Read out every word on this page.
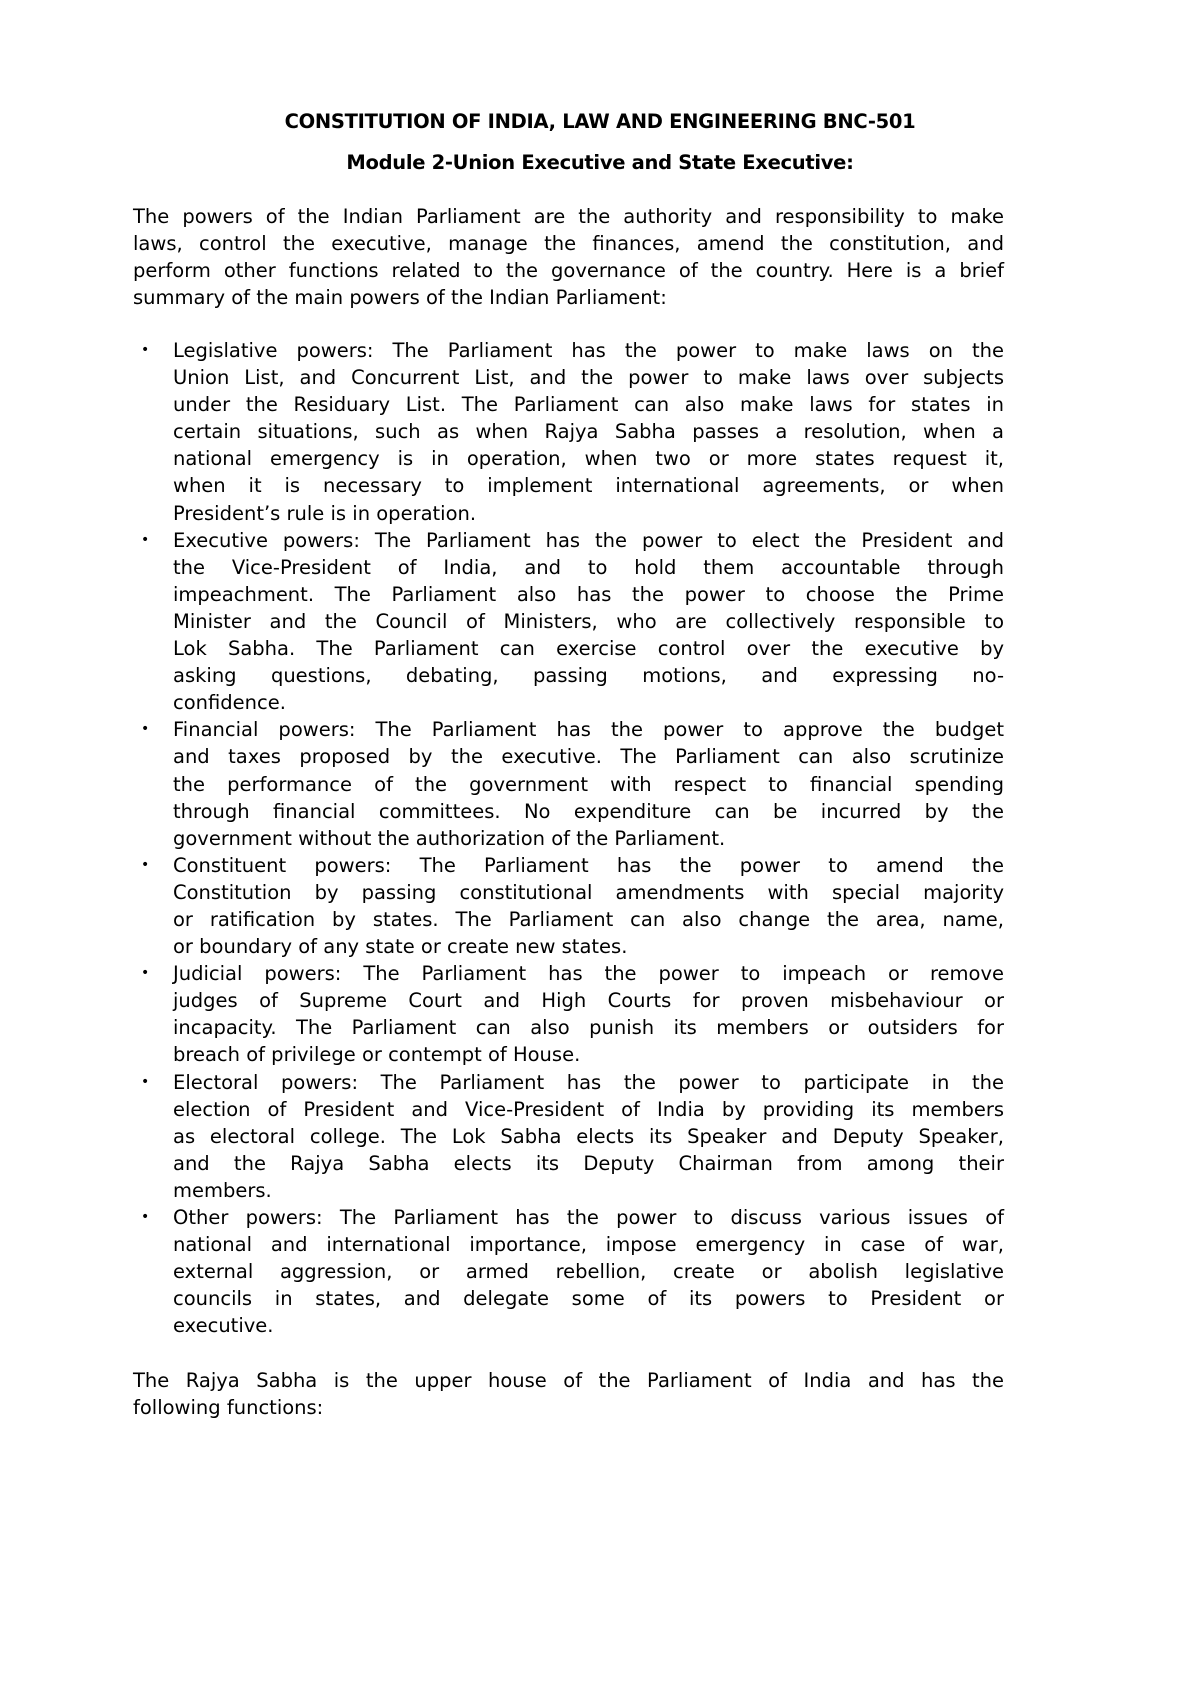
CONSTITUTION OF INDIA, LAW AND ENGINEERING BNC-501
Module 2-Union Executive and State Executive:
The powers of the Indian Parliament are the authority and responsibility to make
laws, control the executive, manage the finances, amend the constitution, and
perform other functions related to the governance of the country. Here is a brief
summary of the main powers of the Indian Parliament:
• Legislative powers: The Parliament has the power to make laws on the
Union List, and Concurrent List, and the power to make laws over subjects
under the Residuary List. The Parliament can also make laws for states in
certain situations, such as when Rajya Sabha passes a resolution, when a
national emergency is in operation, when two or more states request it,
when it is necessary to implement international agreements, or when
President’s rule is in operation.
• Executive powers: The Parliament has the power to elect the President and
the Vice-President of India, and to hold them accountable through
impeachment. The Parliament also has the power to choose the Prime
Minister and the Council of Ministers, who are collectively responsible to
Lok Sabha. The Parliament can exercise control over the executive by
asking questions, debating, passing motions, and expressing no-
confidence.
• Financial powers: The Parliament has the power to approve the budget
and taxes proposed by the executive. The Parliament can also scrutinize
the performance of the government with respect to financial spending
through financial committees. No expenditure can be incurred by the
government without the authorization of the Parliament.
• Constituent powers: The Parliament has the power to amend the
Constitution by passing constitutional amendments with special majority
or ratification by states. The Parliament can also change the area, name,
or boundary of any state or create new states.
• Judicial powers: The Parliament has the power to impeach or remove
judges of Supreme Court and High Courts for proven misbehaviour or
incapacity. The Parliament can also punish its members or outsiders for
breach of privilege or contempt of House.
• Electoral powers: The Parliament has the power to participate in the
election of President and Vice-President of India by providing its members
as electoral college. The Lok Sabha elects its Speaker and Deputy Speaker,
and the Rajya Sabha elects its Deputy Chairman from among their
members.
• Other powers: The Parliament has the power to discuss various issues of
national and international importance, impose emergency in case of war,
external aggression, or armed rebellion, create or abolish legislative
councils in states, and delegate some of its powers to President or
executive.
The Rajya Sabha is the upper house of the Parliament of India and has the
following functions:
